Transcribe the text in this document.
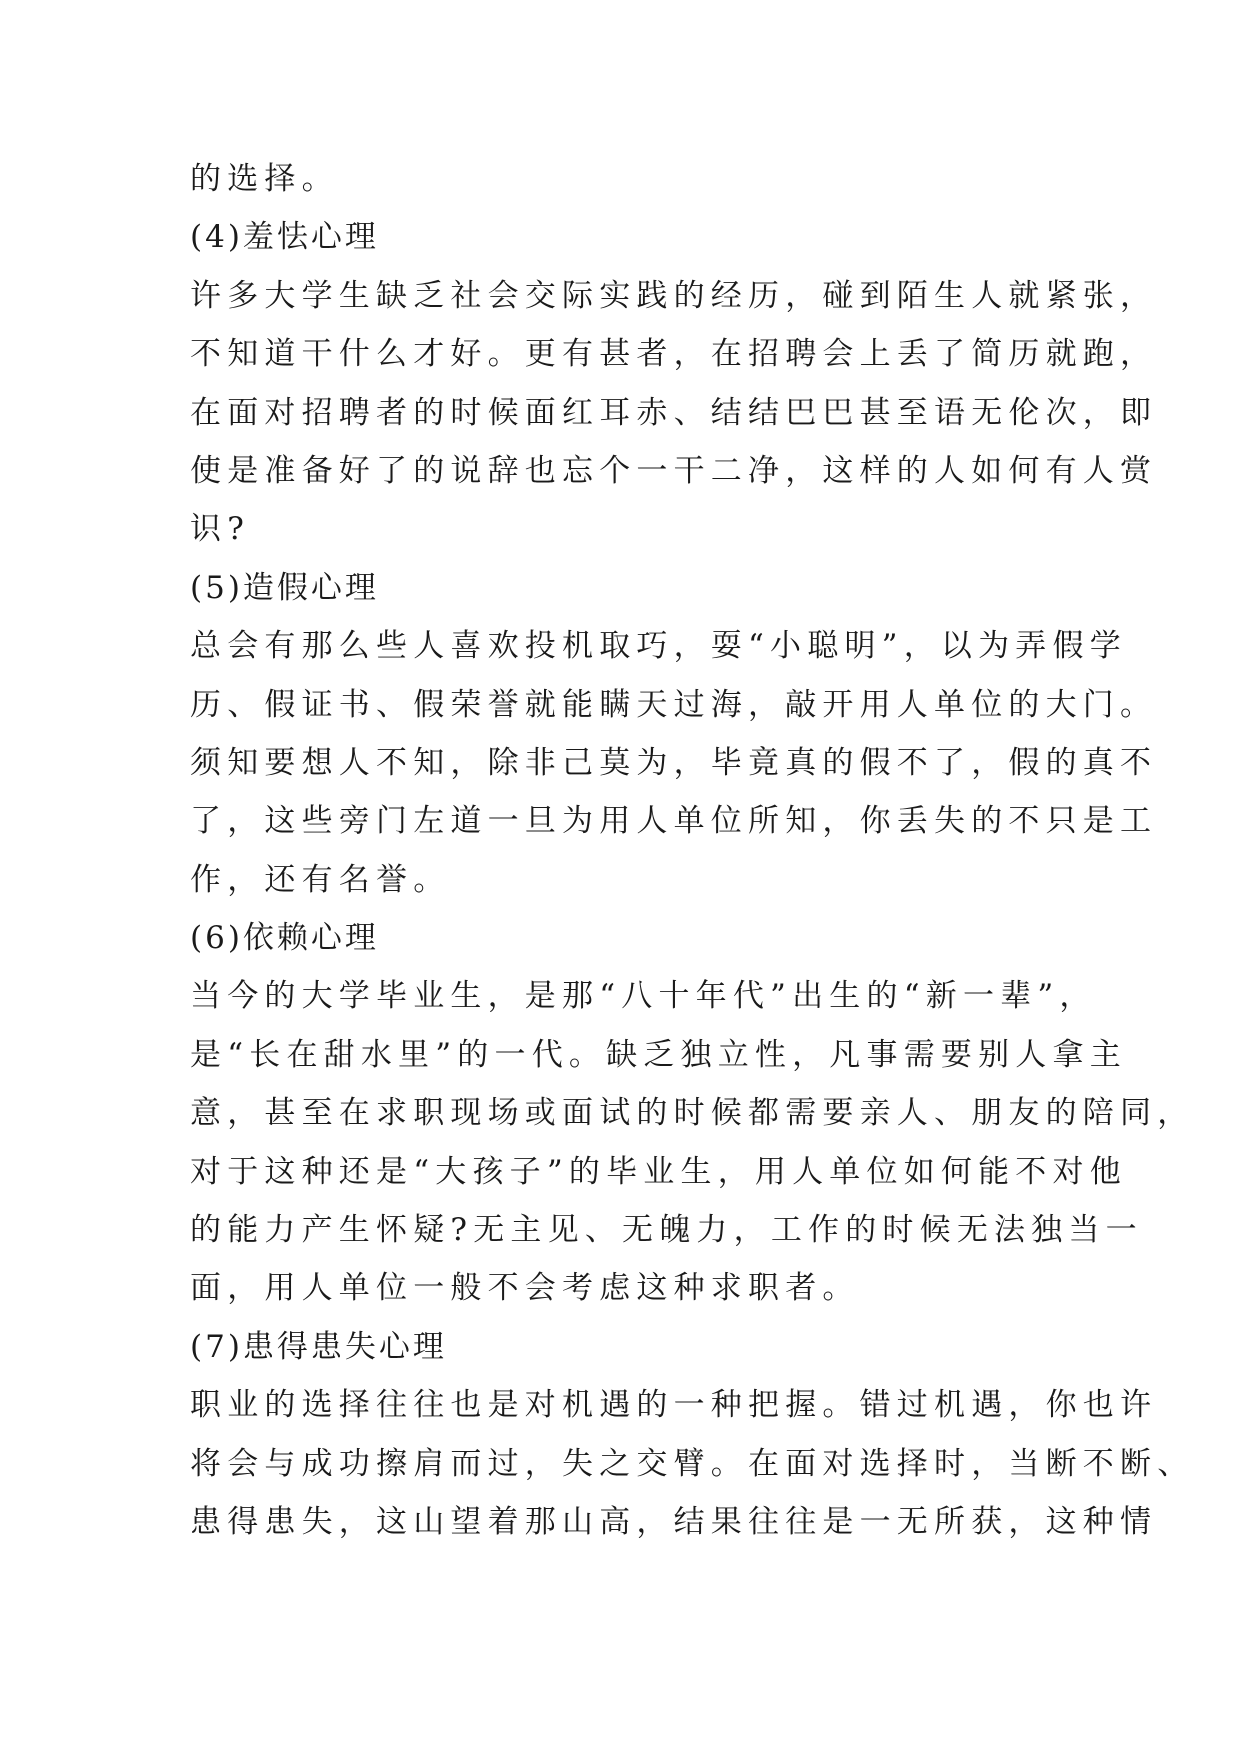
的选择。
(4)羞怯心理
许多大学生缺乏社会交际实践的经历，碰到陌生人就紧张，
不知道干什么才好。更有甚者，在招聘会上丢了简历就跑，
在面对招聘者的时候面红耳赤、结结巴巴甚至语无伦次，即
使是准备好了的说辞也忘个一干二净，这样的人如何有人赏
识?
(5)造假心理
总会有那么些人喜欢投机取巧，耍“小聪明”，以为弄假学
历、假证书、假荣誉就能瞒天过海，敲开用人单位的大门。
须知要想人不知，除非己莫为，毕竟真的假不了，假的真不
了，这些旁门左道一旦为用人单位所知，你丢失的不只是工
作，还有名誉。
(6)依赖心理
当今的大学毕业生，是那“八十年代”出生的“新一辈”，
是“长在甜水里”的一代。缺乏独立性，凡事需要别人拿主
意，甚至在求职现场或面试的时候都需要亲人、朋友的陪同，
对于这种还是“大孩子”的毕业生，用人单位如何能不对他
的能力产生怀疑?无主见、无魄力，工作的时候无法独当一
面，用人单位一般不会考虑这种求职者。
(7)患得患失心理
职业的选择往往也是对机遇的一种把握。错过机遇，你也许
将会与成功擦肩而过，失之交臂。在面对选择时，当断不断、
患得患失，这山望着那山高，结果往往是一无所获，这种情
